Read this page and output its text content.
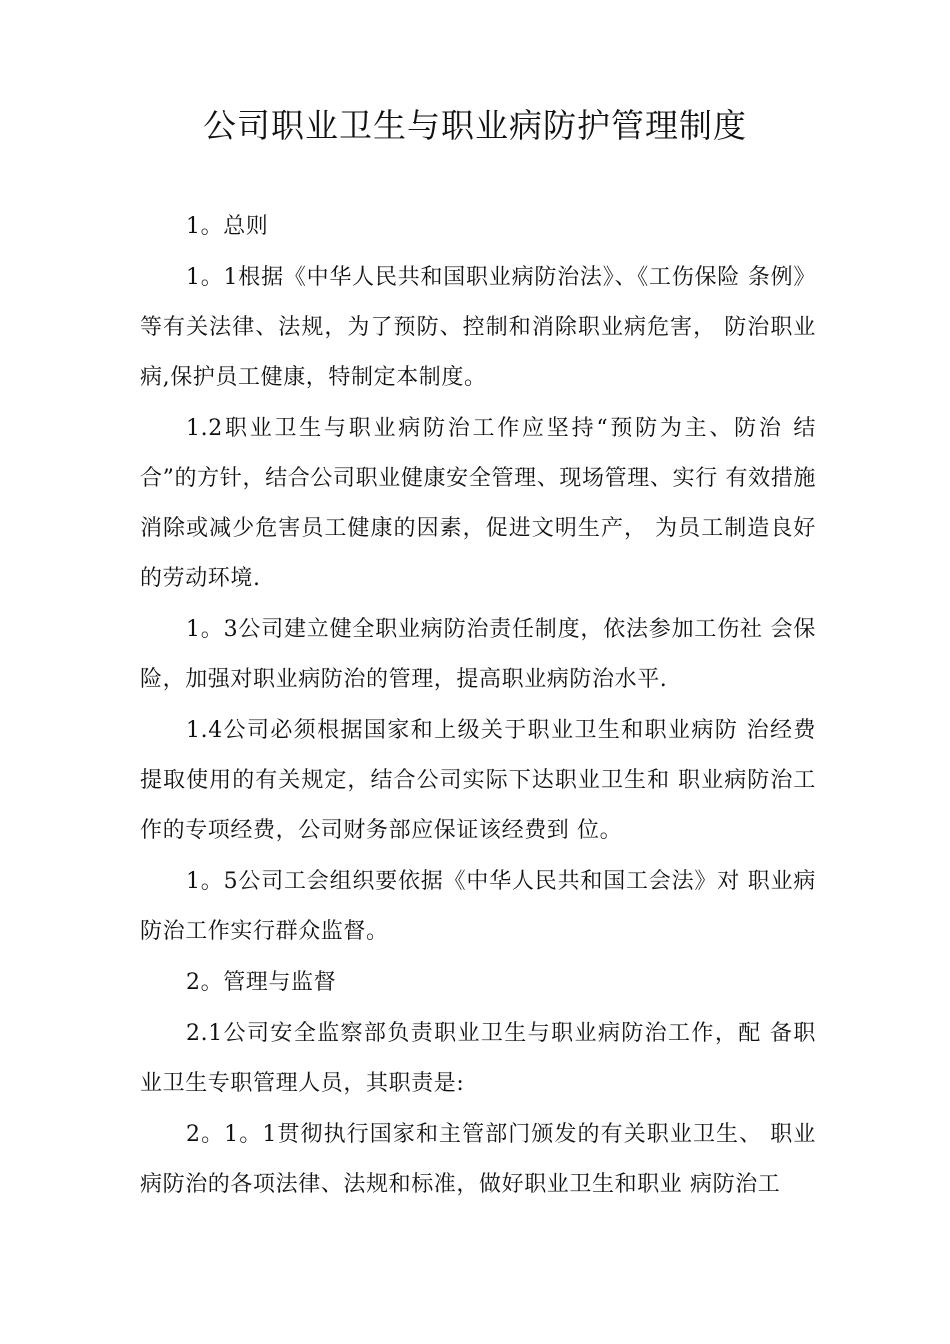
公司职业卫生与职业病防护管理制度

1。总则

1。1根据《中华人民共和国职业病防治法》、《工伤保险 条例》等有关法律、法规，为了预防、控制和消除职业病危害， 防治职业病,保护员工健康，特制定本制度。

1.2职业卫生与职业病防治工作应坚持“预防为主、防治 结合”的方针，结合公司职业健康安全管理、现场管理、实行 有效措施消除或减少危害员工健康的因素，促进文明生产， 为员工制造良好的劳动环境.

1。3公司建立健全职业病防治责任制度，依法参加工伤社 会保险，加强对职业病防治的管理，提高职业病防治水平.

1.4公司必须根据国家和上级关于职业卫生和职业病防 治经费提取使用的有关规定，结合公司实际下达职业卫生和 职业病防治工作的专项经费，公司财务部应保证该经费到 位。

1。5公司工会组织要依据《中华人民共和国工会法》对 职业病防治工作实行群众监督。

2。管理与监督

2.1公司安全监察部负责职业卫生与职业病防治工作，配 备职业卫生专职管理人员，其职责是:

2。1。1贯彻执行国家和主管部门颁发的有关职业卫生、 职业病防治的各项法律、法规和标准，做好职业卫生和职业 病防治工
